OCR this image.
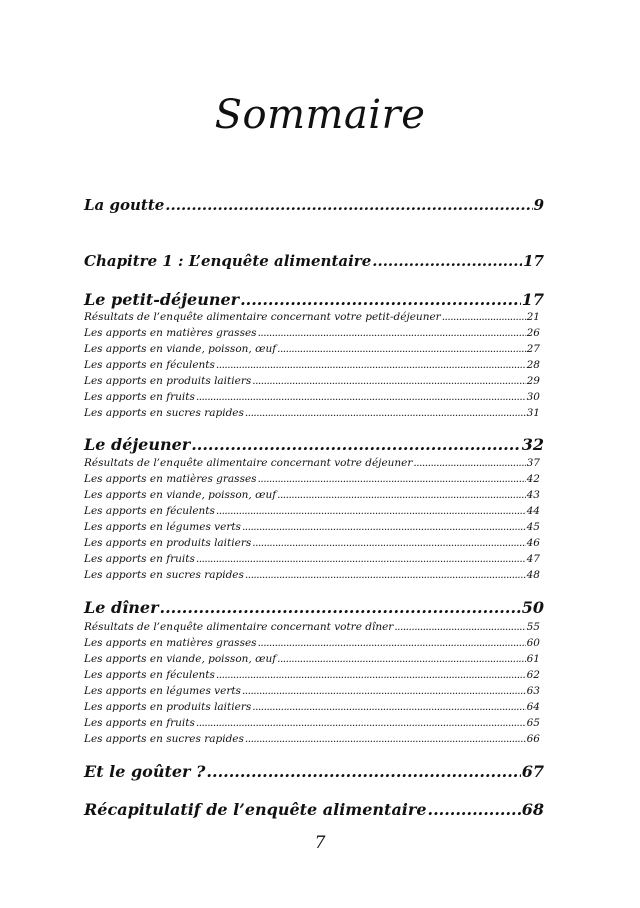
Sommaire
La goutte .....	9
Chapitre 1 : L’enquête alimentaire .....	17
Le petit-déjeuner .....	17
Résultats de l’enquête alimentaire concernant votre petit-déjeuner .....	21
Les apports en matières grasses .....	26
Les apports en viande, poisson, œuf .....	27
Les apports en féculents .....	28
Les apports en produits laitiers .....	29
Les apports en fruits .....	30
Les apports en sucres rapides .....	31
Le déjeuner .....	32
Résultats de l’enquête alimentaire concernant votre déjeuner .....	37
Les apports en matières grasses .....	42
Les apports en viande, poisson, œuf .....	43
Les apports en féculents .....	44
Les apports en légumes verts .....	45
Les apports en produits laitiers .....	46
Les apports en fruits .....	47
Les apports en sucres rapides .....	48
Le dîner .....	50
Résultats de l’enquête alimentaire concernant votre dîner .....	55
Les apports en matières grasses .....	60
Les apports en viande, poisson, œuf .....	61
Les apports en féculents .....	62
Les apports en légumes verts .....	63
Les apports en produits laitiers .....	64
Les apports en fruits .....	65
Les apports en sucres rapides .....	66
Et le goûter ? .....	67
Récapitulatif de l’enquête alimentaire .....	68
7
